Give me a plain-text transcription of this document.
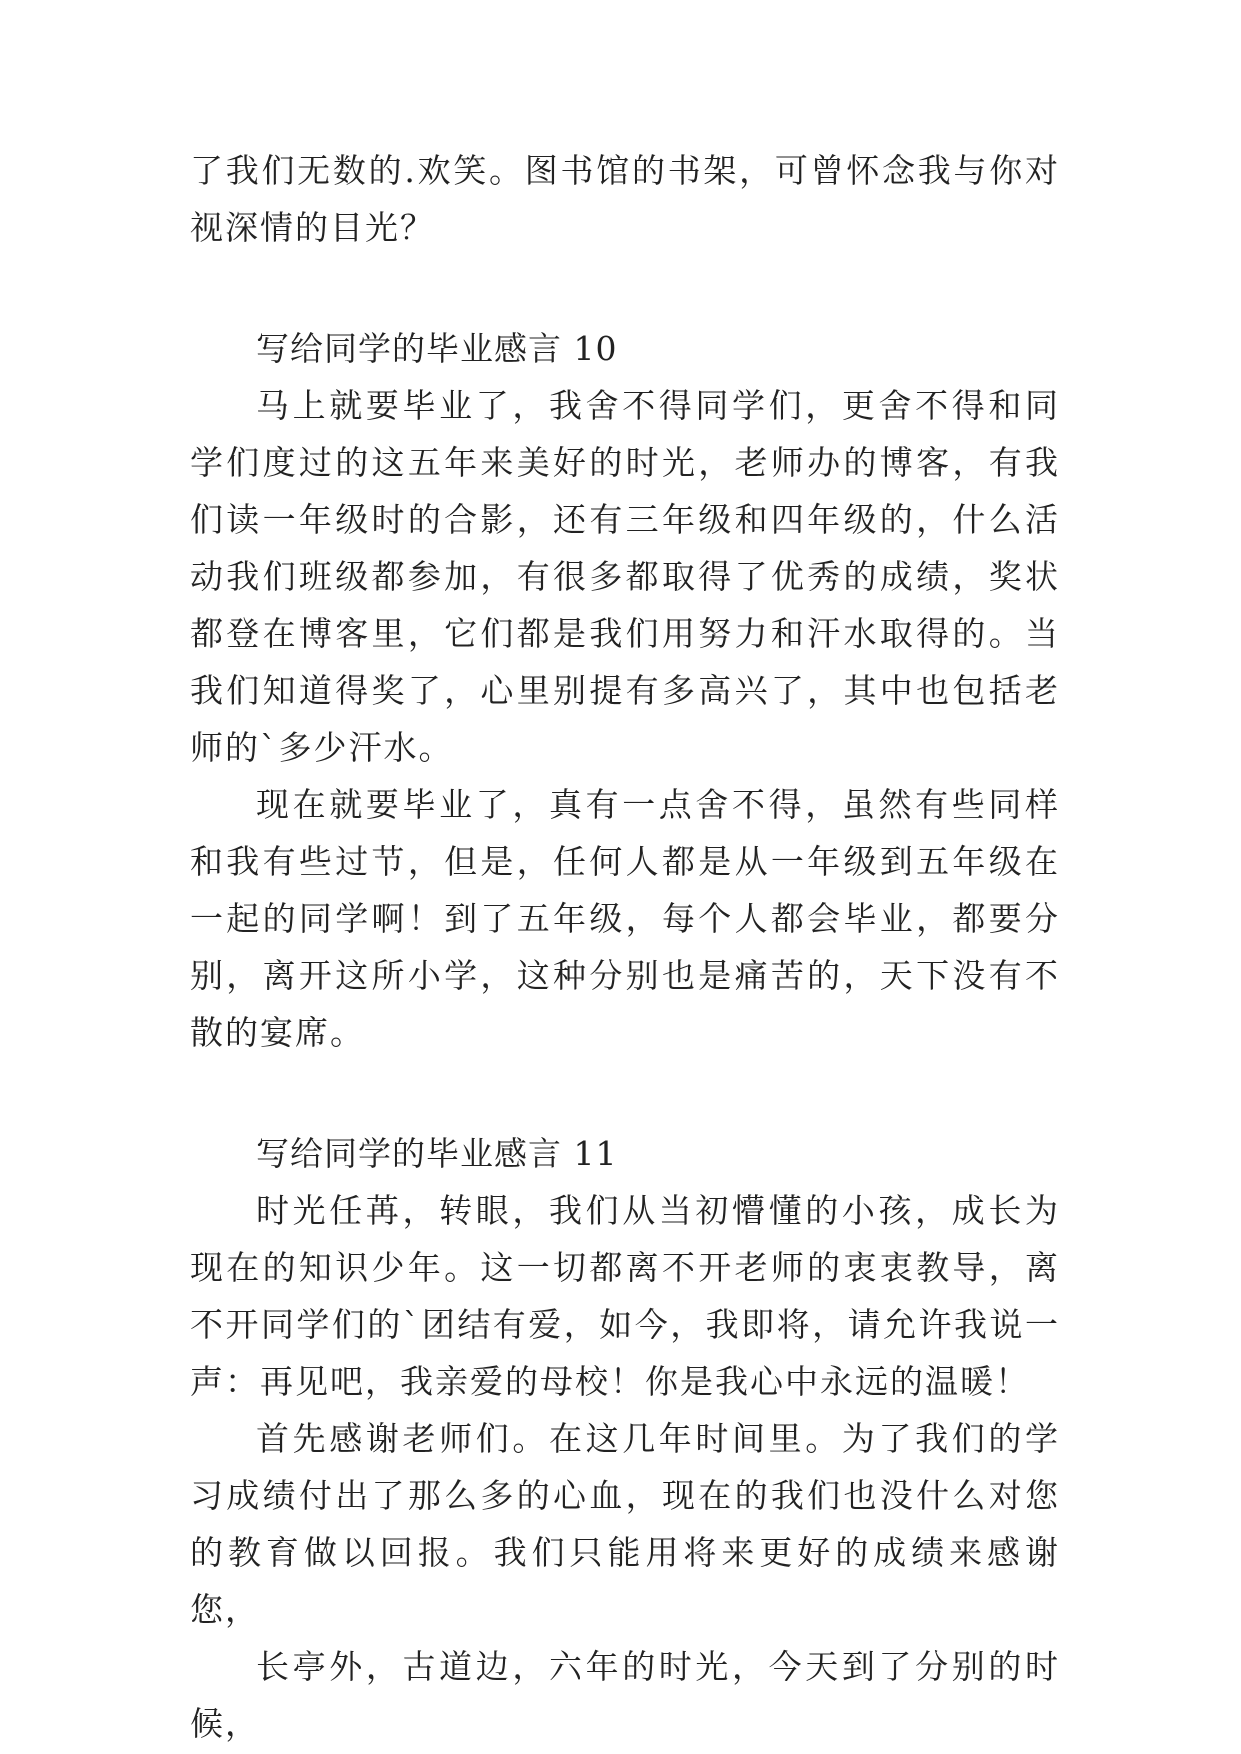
了我们无数的.欢笑。图书馆的书架，可曾怀念我与你对视深情的目光？

写给同学的毕业感言 10

马上就要毕业了，我舍不得同学们，更舍不得和同学们度过的这五年来美好的时光，老师办的博客，有我们读一年级时的合影，还有三年级和四年级的，什么活动我们班级都参加，有很多都取得了优秀的成绩，奖状都登在博客里，它们都是我们用努力和汗水取得的。当我们知道得奖了，心里别提有多高兴了，其中也包括老师的`多少汗水。

现在就要毕业了，真有一点舍不得，虽然有些同样和我有些过节，但是，任何人都是从一年级到五年级在一起的同学啊！到了五年级，每个人都会毕业，都要分别，离开这所小学，这种分别也是痛苦的，天下没有不散的宴席。

写给同学的毕业感言 11

时光任苒，转眼，我们从当初懵懂的小孩，成长为现在的知识少年。这一切都离不开老师的衷衷教导，离不开同学们的`团结有爱，如今，我即将，请允许我说一声：再见吧，我亲爱的母校！你是我心中永远的温暖！

首先感谢老师们。在这几年时间里。为了我们的学习成绩付出了那么多的心血，现在的我们也没什么对您的教育做以回报。我们只能用将来更好的成绩来感谢您，

长亭外，古道边，六年的时光，今天到了分别的时候，
